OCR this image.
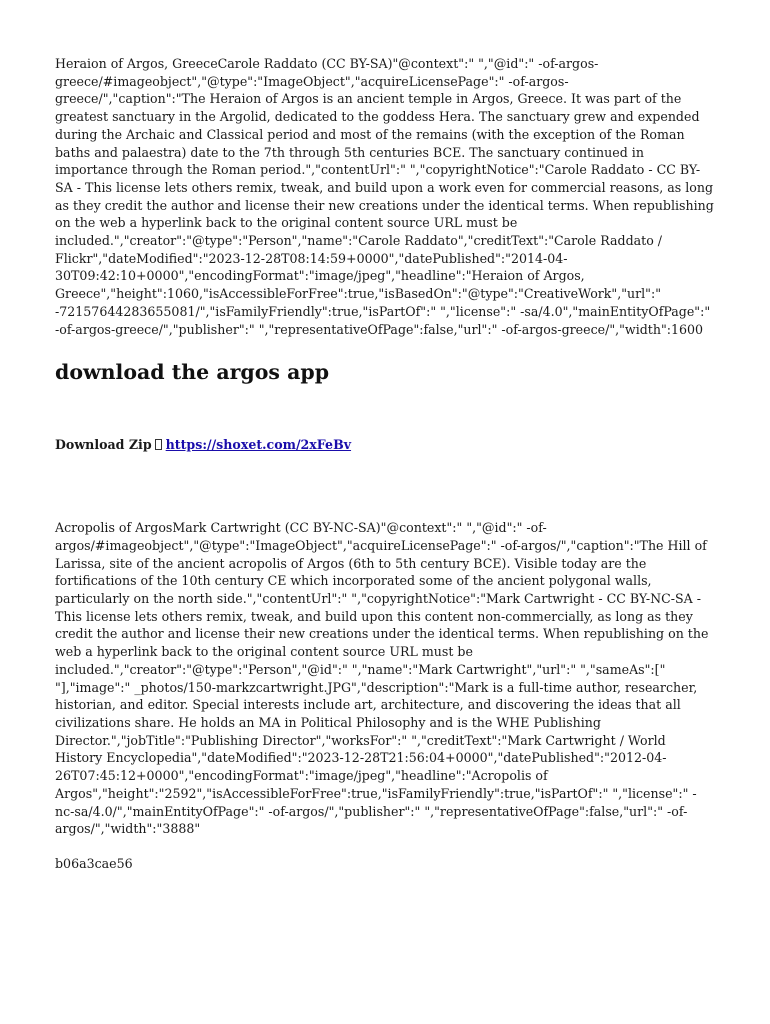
Heraion of Argos, GreeceCarole Raddato (CC BY-SA)"@context":" ","@id":" -of-argos-greece/#imageobject","@type":"ImageObject","acquireLicensePage":" -of-argos-greece/","caption":"The Heraion of Argos is an ancient temple in Argos, Greece. It was part of the greatest sanctuary in the Argolid, dedicated to the goddess Hera. The sanctuary grew and expended during the Archaic and Classical period and most of the remains (with the exception of the Roman baths and palaestra) date to the 7th through 5th centuries BCE. The sanctuary continued in importance through the Roman period.","contentUrl":" ","copyrightNotice":"Carole Raddato - CC BY-SA - This license lets others remix, tweak, and build upon a work even for commercial reasons, as long as they credit the author and license their new creations under the identical terms. When republishing on the web a hyperlink back to the original content source URL must be included.","creator":"@type":"Person","name":"Carole Raddato","creditText":"Carole Raddato / Flickr","dateModified":"2023-12-28T08:14:59+0000","datePublished":"2014-04-30T09:42:10+0000","encodingFormat":"image/jpeg","headline":"Heraion of Argos, Greece","height":1060,"isAccessibleForFree":true,"isBasedOn":"@type":"CreativeWork","url":" -72157644283655081/","isFamilyFriendly":true,"isPartOf":" ","license":" -sa/4.0","mainEntityOfPage":" -of-argos-greece/","publisher":" ","representativeOfPage":false,"url":" -of-argos-greece/","width":1600

download the argos app

Download Zip https://shoxet.com/2xFeBv

Acropolis of ArgosMark Cartwright (CC BY-NC-SA)"@context":" ","@id":" -of-argos/#imageobject","@type":"ImageObject","acquireLicensePage":" -of-argos/","caption":"The Hill of Larissa, site of the ancient acropolis of Argos (6th to 5th century BCE). Visible today are the fortifications of the 10th century CE which incorporated some of the ancient polygonal walls, particularly on the north side.","contentUrl":" ","copyrightNotice":"Mark Cartwright - CC BY-NC-SA - This license lets others remix, tweak, and build upon this content non-commercially, as long as they credit the author and license their new creations under the identical terms. When republishing on the web a hyperlink back to the original content source URL must be included.","creator":"@type":"Person","@id":" ","name":"Mark Cartwright","url":" ","sameAs":[" "],"image":" _photos/150-markzcartwright.JPG","description":"Mark is a full-time author, researcher, historian, and editor. Special interests include art, architecture, and discovering the ideas that all civilizations share. He holds an MA in Political Philosophy and is the WHE Publishing Director.","jobTitle":"Publishing Director","worksFor":" ","creditText":"Mark Cartwright / World History Encyclopedia","dateModified":"2023-12-28T21:56:04+0000","datePublished":"2012-04-26T07:45:12+0000","encodingFormat":"image/jpeg","headline":"Acropolis of Argos","height":"2592","isAccessibleForFree":true,"isFamilyFriendly":true,"isPartOf":" ","license":" -nc-sa/4.0/","mainEntityOfPage":" -of-argos/","publisher":" ","representativeOfPage":false,"url":" -of-argos/","width":"3888"

b06a3cae56
